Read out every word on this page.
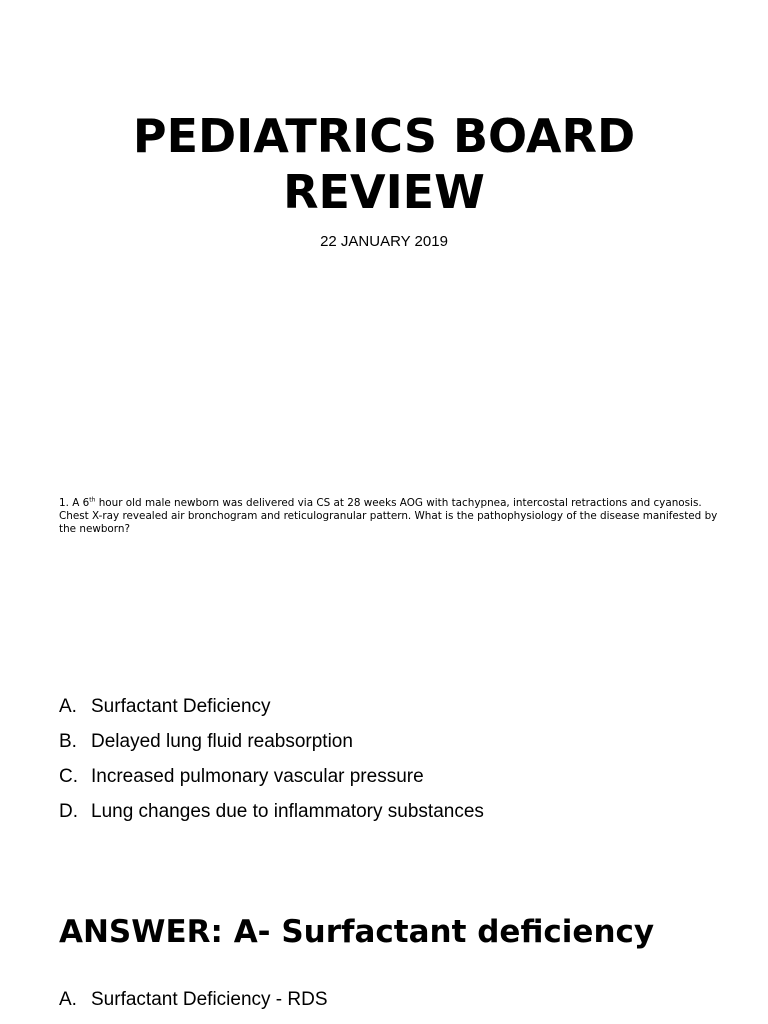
PEDIATRICS BOARD
REVIEW
22 JANUARY 2019
1. A 6th hour old male newborn was delivered via CS at 28 weeks AOG with tachypnea, intercostal retractions and cyanosis. Chest X-ray revealed air bronchogram and reticulogranular pattern. What is the pathophysiology of the disease manifested by the newborn?
A. Surfactant Deficiency
B. Delayed lung fluid reabsorption
C. Increased pulmonary vascular pressure
D. Lung changes due to inflammatory substances
ANSWER: A- Surfactant deficiency
A. Surfactant Deficiency - RDS
